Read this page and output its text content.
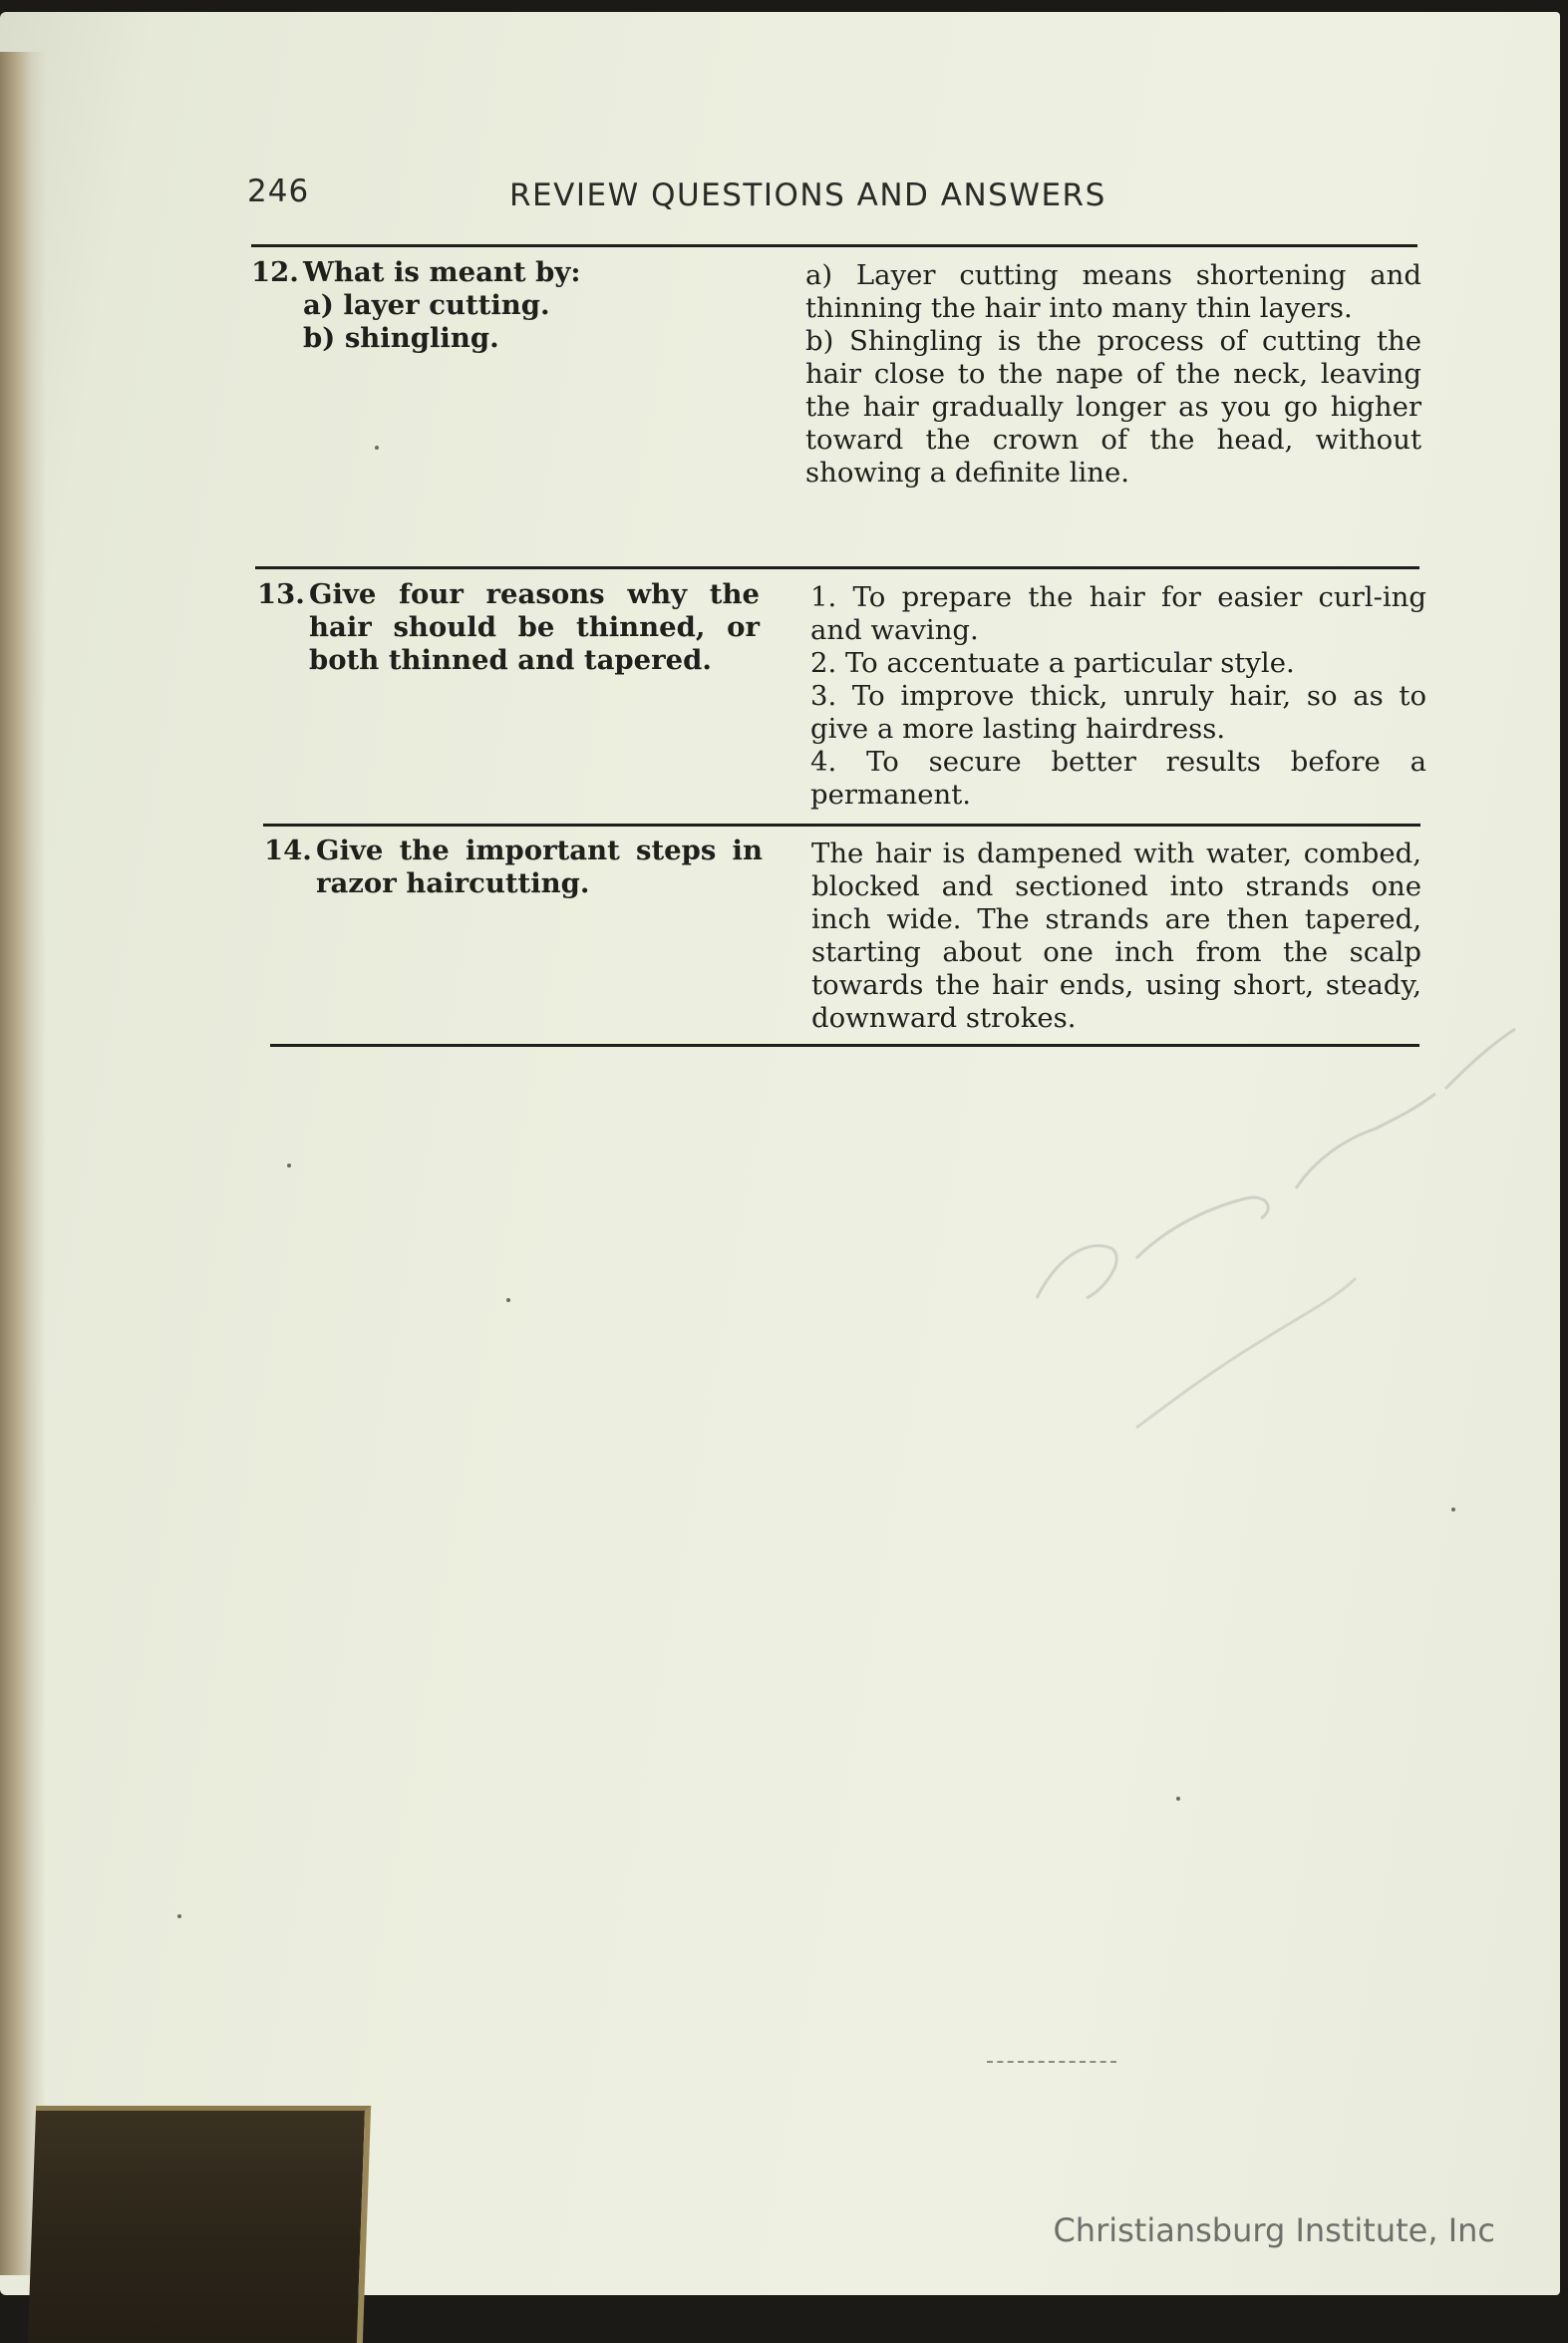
246	REVIEW QUESTIONS AND ANSWERS
12. What is meant by:
a) layer cutting.
b) shingling.

a) Layer cutting means shortening and thinning the hair into many thin layers.

b) Shingling is the process of cutting the hair close to the nape of the neck, leaving the hair gradually longer as you go higher toward the crown of the head, without showing a definite line.

13. Give four reasons why the hair should be thinned, or both thinned and tapered.

1. To prepare the hair for easier curl-ing and waving.

2. To accentuate a particular style.

3. To improve thick, unruly hair, so as to give a more lasting hairdress.

4. To secure better results before a permanent.

14. Give the important steps in razor haircutting.

The hair is dampened with water, combed, blocked and sectioned into strands one inch wide. The strands are then tapered, starting about one inch from the scalp towards the hair ends, using short, steady, downward strokes.

Christiansburg Institute, Inc
